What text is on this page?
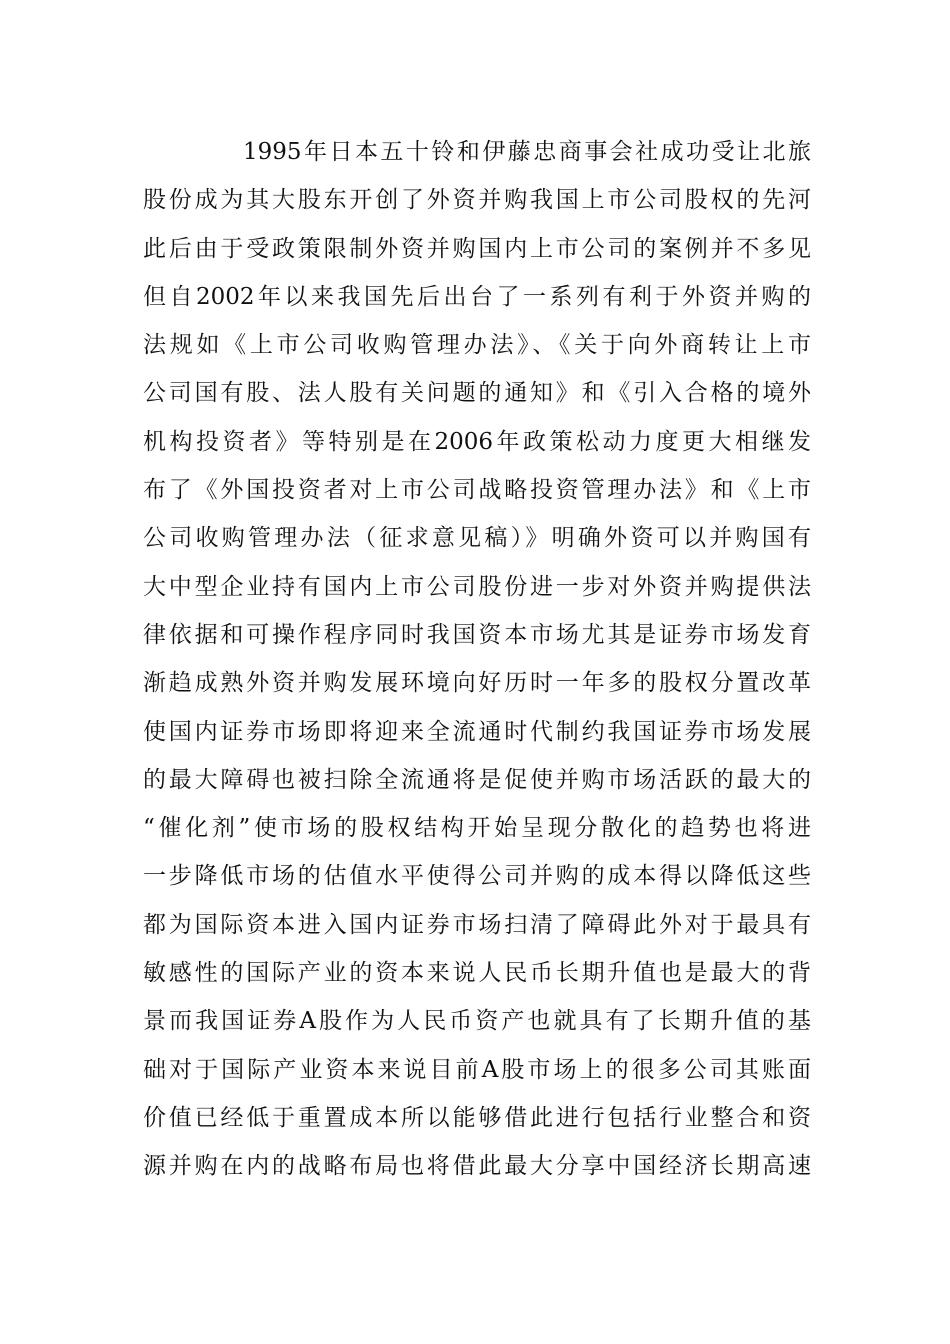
1995年日本五十铃和伊藤忠商事会社成功受让北旅
股份成为其大股东开创了外资并购我国上市公司股权的先河
此后由于受政策限制外资并购国内上市公司的案例并不多见
但自2002年以来我国先后出台了一系列有利于外资并购的
法规如《上市公司收购管理办法》、《关于向外商转让上市
公司国有股、法人股有关问题的通知》和《引入合格的境外
机构投资者》等特别是在2006年政策松动力度更大相继发
布了《外国投资者对上市公司战略投资管理办法》和《上市
公司收购管理办法（征求意见稿）》明确外资可以并购国有
大中型企业持有国内上市公司股份进一步对外资并购提供法
律依据和可操作程序同时我国资本市场尤其是证券市场发育
渐趋成熟外资并购发展环境向好历时一年多的股权分置改革
使国内证券市场即将迎来全流通时代制约我国证券市场发展
的最大障碍也被扫除全流通将是促使并购市场活跃的最大的
“催化剂”使市场的股权结构开始呈现分散化的趋势也将进
一步降低市场的估值水平使得公司并购的成本得以降低这些
都为国际资本进入国内证券市场扫清了障碍此外对于最具有
敏感性的国际产业的资本来说人民币长期升值也是最大的背
景而我国证券A股作为人民币资产也就具有了长期升值的基
础对于国际产业资本来说目前A股市场上的很多公司其账面
价值已经低于重置成本所以能够借此进行包括行业整合和资
源并购在内的战略布局也将借此最大分享中国经济长期高速
